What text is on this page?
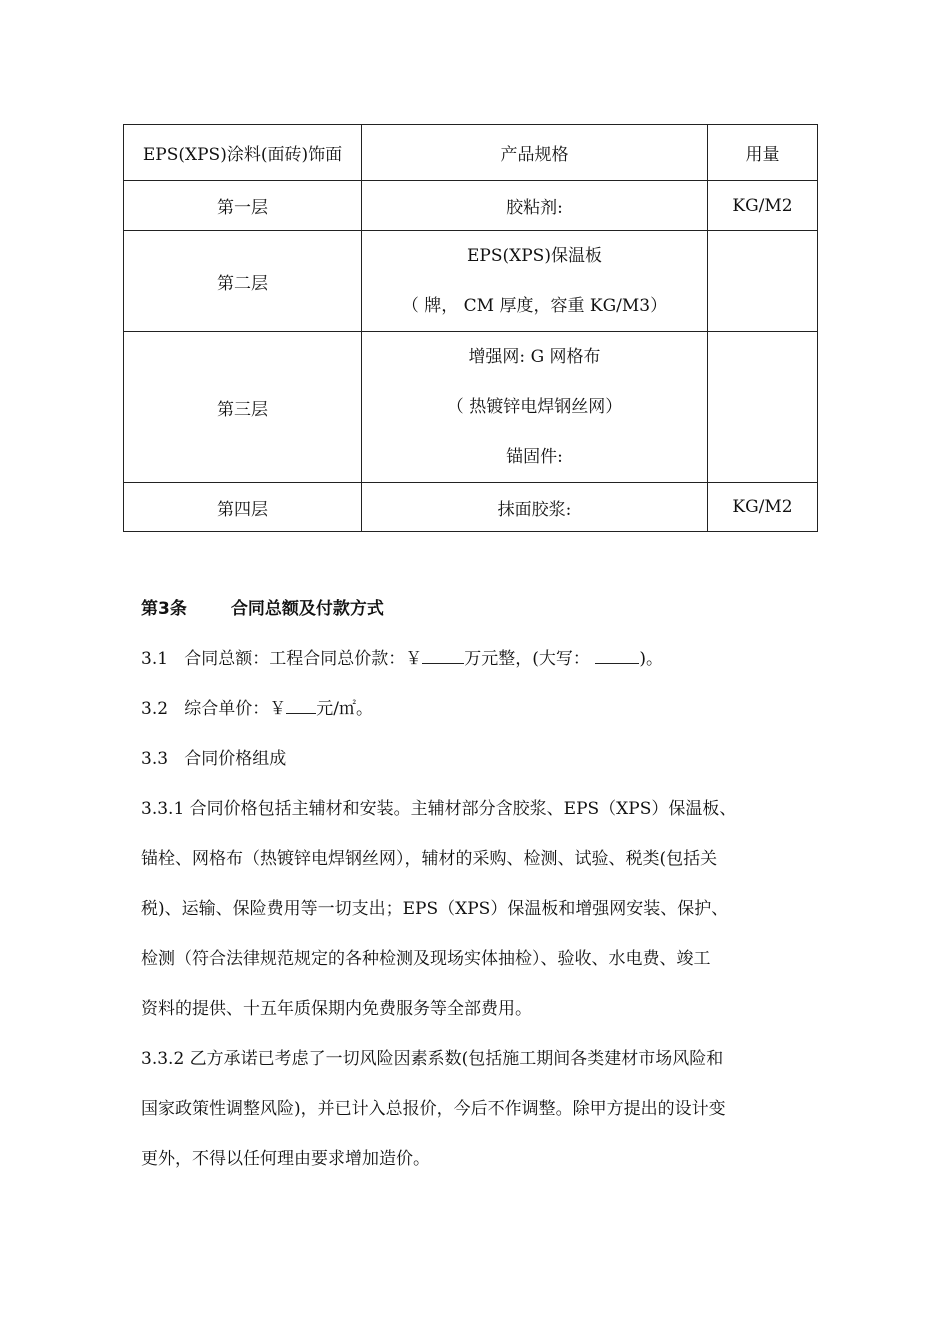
EPS(XPS)涂料(面砖)饰面	产品规格	用量
第一层	胶粘剂:	KG/M2
第二层	EPS(XPS)保温板
（ 牌， CM 厚度，容重 KG/M3）	

第三层	增强网: G 网格布
（ 热镀锌电焊钢丝网）
锚固件:	

第四层	抹面胶浆:	KG/M2
第3条	合同总额及付款方式
3.1 合同总额：工程合同总价款：￥ 万元整，(大写：	)。
3.2 综合单价：￥ 元/㎡。
3.3 合同价格组成
3.3.1 合同价格包括主辅材和安装。主辅材部分含胶浆、EPS（XPS）保温板、
锚栓、网格布（热镀锌电焊钢丝网），辅材的采购、检测、试验、税类(包括关
税)、运输、保险费用等一切支出；EPS（XPS）保温板和增强网安装、保护、
检测（符合法律规范规定的各种检测及现场实体抽检）、验收、水电费、竣工
资料的提供、十五年质保期内免费服务等全部费用。
3.3.2 乙方承诺已考虑了一切风险因素系数(包括施工期间各类建材市场风险和
国家政策性调整风险)，并已计入总报价，今后不作调整。除甲方提出的设计变
更外，不得以任何理由要求增加造价。
